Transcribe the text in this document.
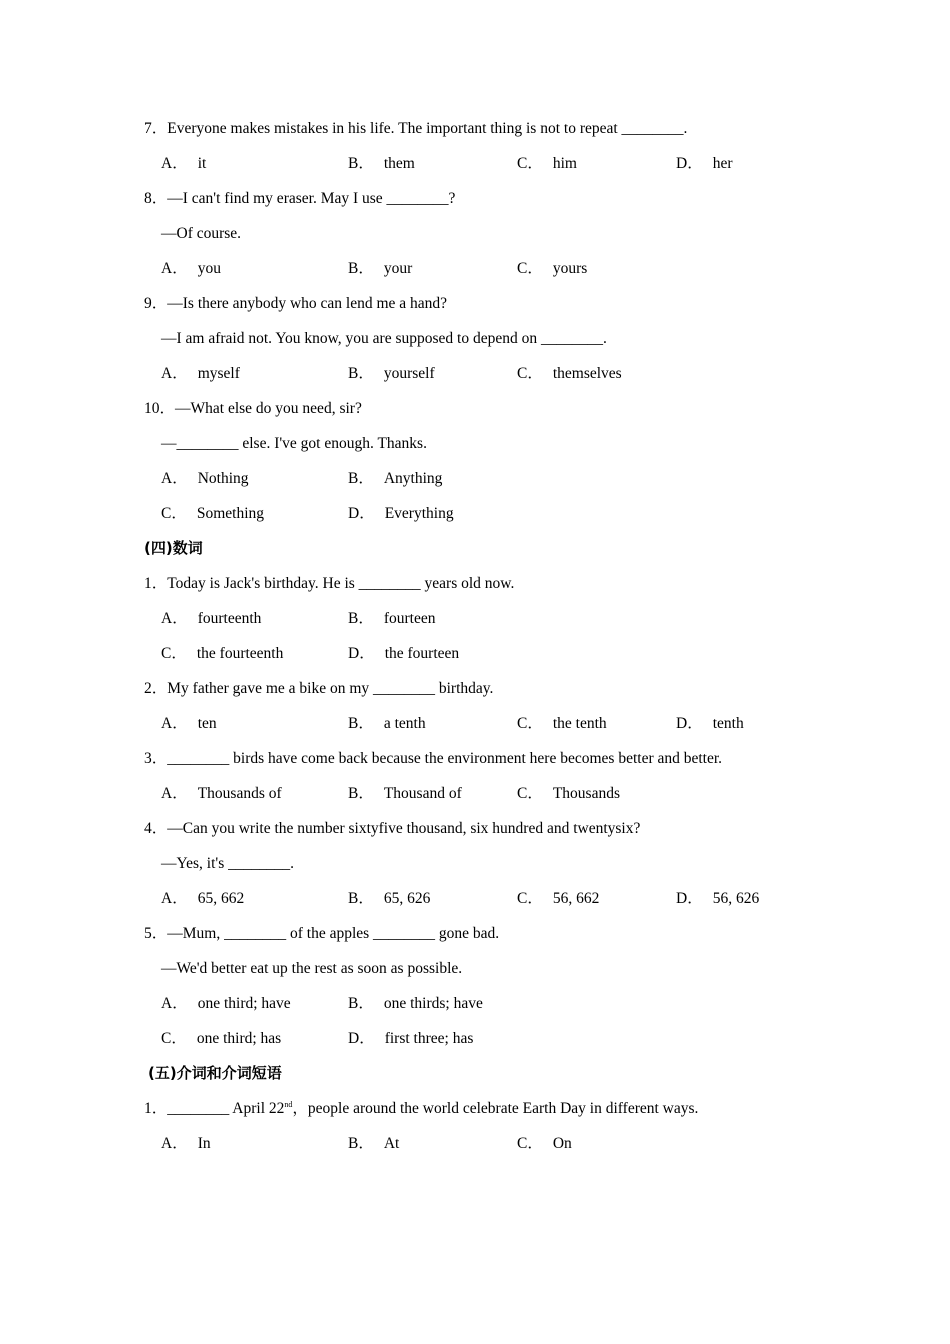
7．Everyone makes mistakes in his life. The important thing is not to repeat ________.
A． it	B． them	C． him	D． her
8．—I can't find my eraser. May I use ________?
—Of course.
A． you	B． your	C． yours
9．—Is there anybody who can lend me a hand?
—I am afraid not. You know, you are supposed to depend on ________.
A． myself	B． yourself	C． themselves
10．—What else do you need, sir?
—________ else. I've got enough. Thanks.
A． Nothing	B． Anything
C． Something	D． Everything
(四)数词
1．Today is Jack's birthday. He is ________ years old now.
A． fourteenth	B． fourteen
C． the fourteenth	D． the fourteen
2．My father gave me a bike on my ________ birthday.
A． ten	B． a tenth	C． the tenth	D． tenth
3．________ birds have come back because the environment here becomes better and better.
A． Thousands of	B． Thousand of	C． Thousands
4．—Can you write the number sixtyfive thousand, six hundred and twentysix?
—Yes, it's ________.
A． 65, 662	B． 65, 626	C． 56, 662	D． 56, 626
5．—Mum, ________ of the apples ________ gone bad.
—We'd better eat up the rest as soon as possible.
A． one third; have	B． one thirds; have
C． one third; has	D． first three; has
(五)介词和介词短语
1．________ April 22nd，people around the world celebrate Earth Day in different ways.
A． In	B． At	C． On
